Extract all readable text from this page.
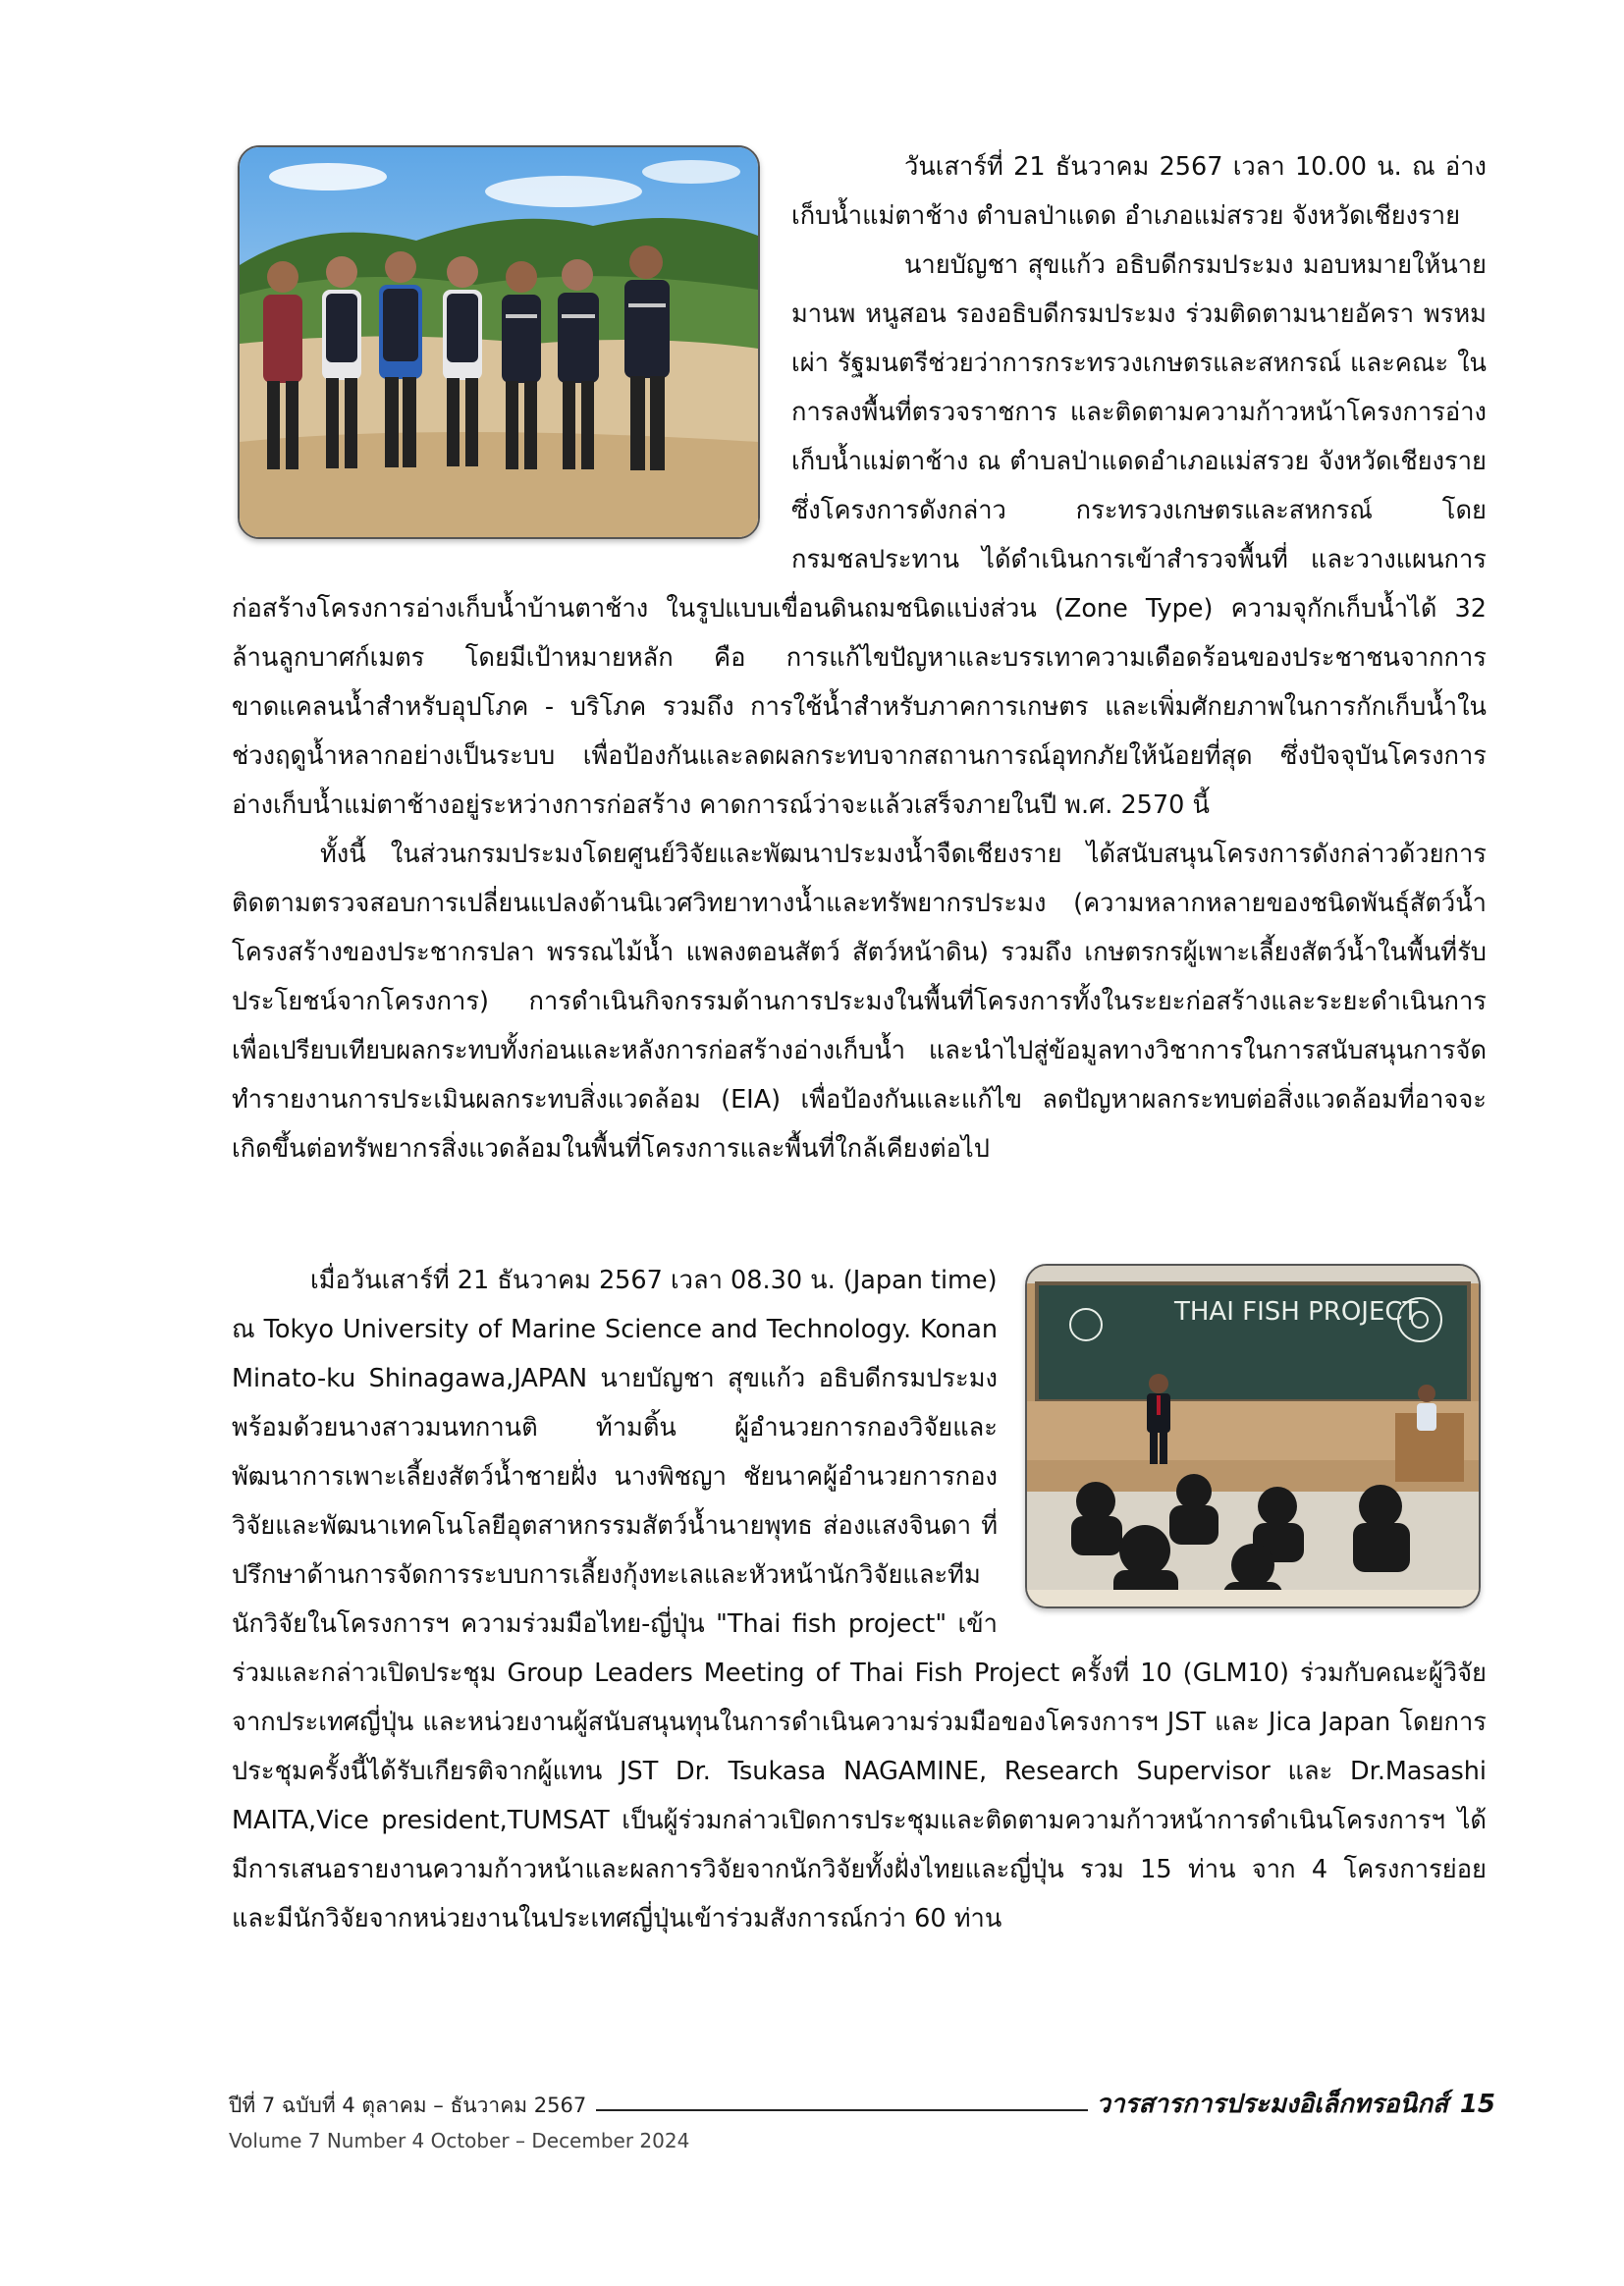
วันเสาร์ที่ 21 ธันวาคม 2567 เวลา 10.00 น. ณ อ่างเก็บน้ำแม่ตาช้าง ตำบลป่าแดด อำเภอแม่สรวย จังหวัดเชียงราย

นายบัญชา สุขแก้ว อธิบดีกรมประมง มอบหมายให้นายมานพ หนูสอน รองอธิบดีกรมประมง ร่วมติดตามนายอัครา พรหมเผ่า รัฐมนตรีช่วยว่าการกระทรวงเกษตรและสหกรณ์ และคณะ ในการลงพื้นที่ตรวจราชการ และติดตามความก้าวหน้าโครงการอ่างเก็บน้ำแม่ตาช้าง ณ ตำบลป่าแดดอำเภอแม่สรวย จังหวัดเชียงรายซึ่งโครงการดังกล่าว กระทรวงเกษตรและสหกรณ์ โดย กรมชลประทาน ได้ดำเนินการเข้าสำรวจพื้นที่ และวางแผนการก่อสร้างโครงการอ่างเก็บน้ำบ้านตาช้าง ในรูปแบบเขื่อนดินถมชนิดแบ่งส่วน (Zone Type) ความจุกักเก็บน้ำได้ 32 ล้านลูกบาศก์เมตร โดยมีเป้าหมายหลัก คือ การแก้ไขปัญหาและบรรเทาความเดือดร้อนของประชาชนจากการขาดแคลนน้ำสำหรับอุปโภค - บริโภค รวมถึง การใช้น้ำสำหรับภาคการเกษตร และเพิ่มศักยภาพในการกักเก็บน้ำในช่วงฤดูน้ำหลากอย่างเป็นระบบ เพื่อป้องกันและลดผลกระทบจากสถานการณ์อุทกภัยให้น้อยที่สุด ซึ่งปัจจุบันโครงการอ่างเก็บน้ำแม่ตาช้างอยู่ระหว่างการก่อสร้าง คาดการณ์ว่าจะแล้วเสร็จภายในปี พ.ศ. 2570 นี้

ทั้งนี้ ในส่วนกรมประมงโดยศูนย์วิจัยและพัฒนาประมงน้ำจืดเชียงราย ได้สนับสนุนโครงการดังกล่าวด้วยการติดตามตรวจสอบการเปลี่ยนแปลงด้านนิเวศวิทยาทางน้ำและทรัพยากรประมง (ความหลากหลายของชนิดพันธุ์สัตว์น้ำ โครงสร้างของประชากรปลา พรรณไม้น้ำ แพลงตอนสัตว์ สัตว์หน้าดิน) รวมถึง เกษตรกรผู้เพาะเลี้ยงสัตว์น้ำในพื้นที่รับประโยชน์จากโครงการ) การดำเนินกิจกรรมด้านการประมงในพื้นที่โครงการทั้งในระยะก่อสร้างและระยะดำเนินการ เพื่อเปรียบเทียบผลกระทบทั้งก่อนและหลังการก่อสร้างอ่างเก็บน้ำ และนำไปสู่ข้อมูลทางวิชาการในการสนับสนุนการจัดทำรายงานการประเมินผลกระทบสิ่งแวดล้อม (EIA) เพื่อป้องกันและแก้ไข ลดปัญหาผลกระทบต่อสิ่งแวดล้อมที่อาจจะเกิดขึ้นต่อทรัพยากรสิ่งแวดล้อมในพื้นที่โครงการและพื้นที่ใกล้เคียงต่อไป

THAI FISH PROJECT

เมื่อวันเสาร์ที่ 21 ธันวาคม 2567 เวลา 08.30 น. (Japan time)

ณ Tokyo University of Marine Science and Technology. Konan Minato-ku Shinagawa,JAPAN นายบัญชา สุขแก้ว อธิบดีกรมประมง พร้อมด้วยนางสาวมนทกานติ ท้ามติ้น ผู้อำนวยการกองวิจัยและพัฒนาการเพาะเลี้ยงสัตว์น้ำชายฝั่ง นางพิชญา ชัยนาคผู้อำนวยการกองวิจัยและพัฒนาเทคโนโลยีอุตสาหกรรมสัตว์น้ำนายพุทธ ส่องแสงจินดา ที่ปรึกษาด้านการจัดการระบบการเลี้ยงกุ้งทะเลและหัวหน้านักวิจัยและทีมนักวิจัยในโครงการฯ ความร่วมมือไทย-ญี่ปุ่น "Thai fish project" เข้าร่วมและกล่าวเปิดประชุม Group Leaders Meeting of Thai Fish Project ครั้งที่ 10 (GLM10) ร่วมกับคณะผู้วิจัยจากประเทศญี่ปุ่น และหน่วยงานผู้สนับสนุนทุนในการดำเนินความร่วมมือของโครงการฯ JST และ Jica Japan โดยการประชุมครั้งนี้ได้รับเกียรติจากผู้แทน JST Dr. Tsukasa NAGAMINE, Research Supervisor และ Dr.Masashi MAITA,Vice president,TUMSAT เป็นผู้ร่วมกล่าวเปิดการประชุมและติดตามความก้าวหน้าการดำเนินโครงการฯ ได้มีการเสนอรายงานความก้าวหน้าและผลการวิจัยจากนักวิจัยทั้งฝั่งไทยและญี่ปุ่น รวม 15 ท่าน จาก 4 โครงการย่อย และมีนักวิจัยจากหน่วยงานในประเทศญี่ปุ่นเข้าร่วมสังการณ์กว่า 60 ท่าน

ปีที่ 7 ฉบับที่ 4 ตุลาคม – ธันวาคม 2567	วารสารการประมงอิเล็กทรอนิกส์ 15
Volume 7 Number 4 October – December 2024
